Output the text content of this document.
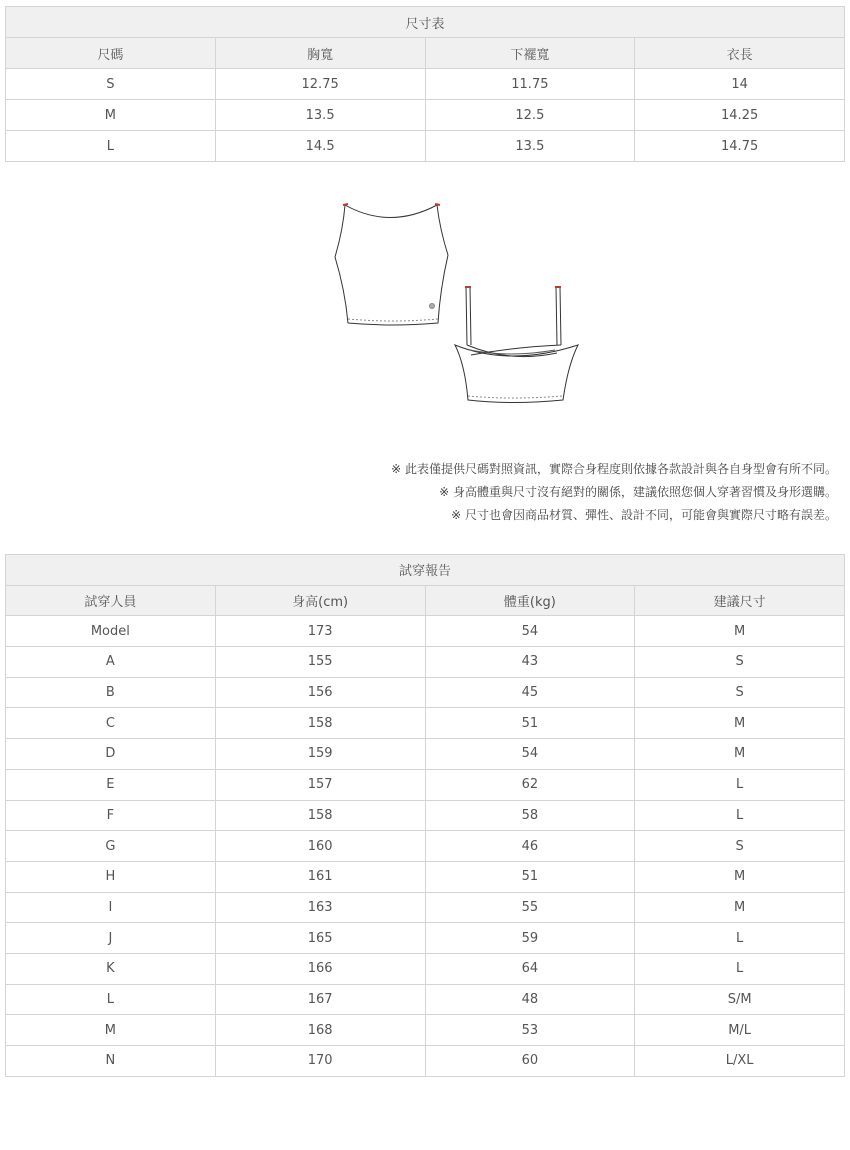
尺寸表			
尺碼	胸寬	下襬寬	衣長
S	12.75	11.75	14
M	13.5	12.5	14.25
L	14.5	13.5	14.75
※ 此表僅提供尺碼對照資訊，實際合身程度則依據各款設計與各自身型會有所不同。
※ 身高體重與尺寸沒有絕對的關係，建議依照您個人穿著習慣及身形選購。
※ 尺寸也會因商品材質、彈性、設計不同，可能會與實際尺寸略有誤差。
試穿報告			
試穿人員	身高(cm)	體重(kg)	建議尺寸
Model	173	54	M
A	155	43	S
B	156	45	S
C	158	51	M
D	159	54	M
E	157	62	L
F	158	58	L
G	160	46	S
H	161	51	M
I	163	55	M
J	165	59	L
K	166	64	L
L	167	48	S/M
M	168	53	M/L
N	170	60	L/XL
